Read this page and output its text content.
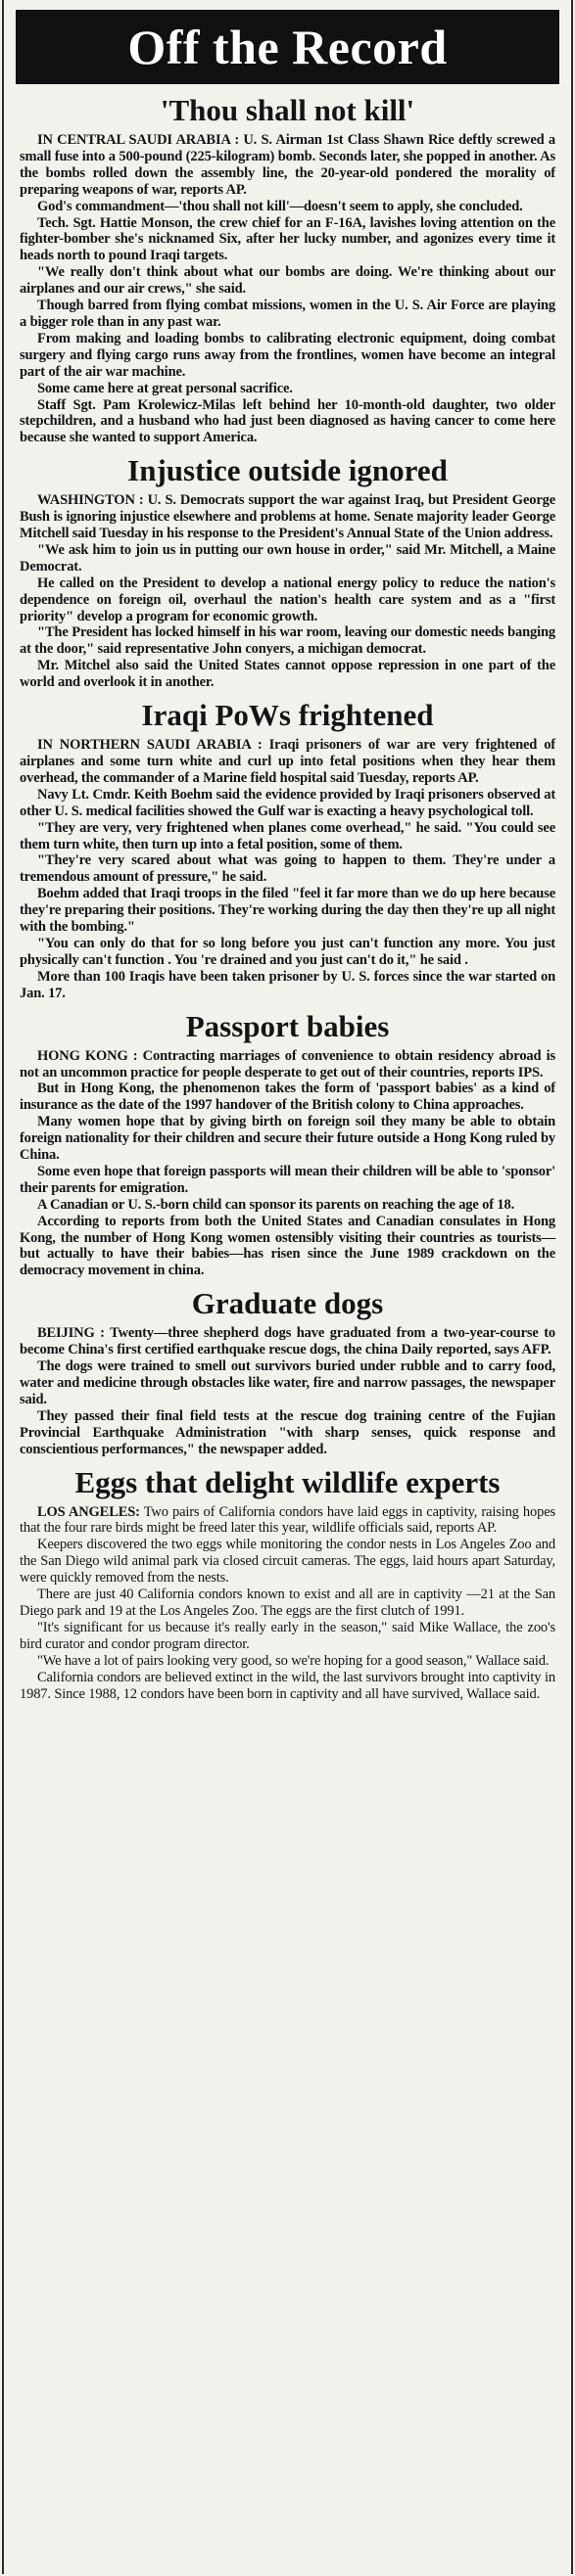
Off the Record
'Thou shall not kill'

IN CENTRAL SAUDI ARABIA : U. S. Airman 1st Class Shawn Rice deftly screwed a small fuse into a 500-pound (225-kilogram) bomb. Seconds later, she popped in another. As the bombs rolled down the assembly line, the 20-year-old pondered the morality of preparing weapons of war, reports AP.

God's commandment—'thou shall not kill'—doesn't seem to apply, she concluded.

Tech. Sgt. Hattie Monson, the crew chief for an F-16A, lavishes loving attention on the fighter-bomber she's nicknamed Six, after her lucky number, and agonizes every time it heads north to pound Iraqi targets.

"We really don't think about what our bombs are doing. We're thinking about our airplanes and our air crews," she said.

Though barred from flying combat missions, women in the U. S. Air Force are playing a bigger role than in any past war.

From making and loading bombs to calibrating electronic equipment, doing combat surgery and flying cargo runs away from the frontlines, women have become an integral part of the air war machine.

Some came here at great personal sacrifice.

Staff Sgt. Pam Krolewicz-Milas left behind her 10-month-old daughter, two older stepchildren, and a husband who had just been diagnosed as having cancer to come here because she wanted to support America.

Injustice outside ignored

WASHINGTON : U. S. Democrats support the war against Iraq, but President George Bush is ignoring injustice elsewhere and problems at home. Senate majority leader George Mitchell said Tuesday in his response to the President's Annual State of the Union address.

"We ask him to join us in putting our own house in order," said Mr. Mitchell, a Maine Democrat.

He called on the President to develop a national energy policy to reduce the nation's dependence on foreign oil, overhaul the nation's health care system and as a "first priority" develop a program for economic growth.

"The President has locked himself in his war room, leaving our domestic needs banging at the door," said representative John conyers, a michigan democrat.

Mr. Mitchel also said the United States cannot oppose repression in one part of the world and overlook it in another.

Iraqi PoWs frightened

IN NORTHERN SAUDI ARABIA : Iraqi prisoners of war are very frightened of airplanes and some turn white and curl up into fetal positions when they hear them overhead, the commander of a Marine field hospital said Tuesday, reports AP.

Navy Lt. Cmdr. Keith Boehm said the evidence provided by Iraqi prisoners observed at other U. S. medical facilities showed the Gulf war is exacting a heavy psychological toll.

"They are very, very frightened when planes come overhead," he said. "You could see them turn white, then turn up into a fetal position, some of them.

"They're very scared about what was going to happen to them. They're under a tremendous amount of pressure," he said.

Boehm added that Iraqi troops in the filed "feel it far more than we do up here because they're preparing their positions. They're working during the day then they're up all night with the bombing."

"You can only do that for so long before you just can't function any more. You just physically can't function . You 're drained and you just can't do it," he said .

More than 100 Iraqis have been taken prisoner by U. S. forces since the war started on Jan. 17.

Passport babies

HONG KONG : Contracting marriages of convenience to obtain residency abroad is not an uncommon practice for people desperate to get out of their countries, reports IPS.

But in Hong Kong, the phenomenon takes the form of 'passport babies' as a kind of insurance as the date of the 1997 handover of the British colony to China approaches.

Many women hope that by giving birth on foreign soil they many be able to obtain foreign nationality for their children and secure their future outside a Hong Kong ruled by China.

Some even hope that foreign passports will mean their children will be able to 'sponsor' their parents for emigration.

A Canadian or U. S.-born child can sponsor its parents on reaching the age of 18.

According to reports from both the United States and Canadian consulates in Hong Kong, the number of Hong Kong women ostensibly visiting their countries as tourists—but actually to have their babies—has risen since the June 1989 crackdown on the democracy movement in china.

Graduate dogs

BEIJING : Twenty—three shepherd dogs have graduated from a two-year-course to become China's first certified earthquake rescue dogs, the china Daily reported, says AFP.

The dogs were trained to smell out survivors buried under rubble and to carry food, water and medicine through obstacles like water, fire and narrow passages, the newspaper said.

They passed their final field tests at the rescue dog training centre of the Fujian Provincial Earthquake Administration "with sharp senses, quick response and conscientious performances," the newspaper added.

Eggs that delight wildlife experts

LOS ANGELES: Two pairs of California condors have laid eggs in captivity, raising hopes that the four rare birds might be freed later this year, wildlife officials said, reports AP.

Keepers discovered the two eggs while monitoring the condor nests in Los Angeles Zoo and the San Diego wild animal park via closed circuit cameras. The eggs, laid hours apart Saturday, were quickly removed from the nests.

There are just 40 California condors known to exist and all are in captivity —21 at the San Diego park and 19 at the Los Angeles Zoo. The eggs are the first clutch of 1991.

"It's significant for us because it's really early in the season," said Mike Wallace, the zoo's bird curator and condor program director.

"We have a lot of pairs looking very good, so we're hoping for a good season," Wallace said.

California condors are believed extinct in the wild, the last survivors brought into captivity in 1987. Since 1988, 12 condors have been born in captivity and all have survived, Wallace said.
